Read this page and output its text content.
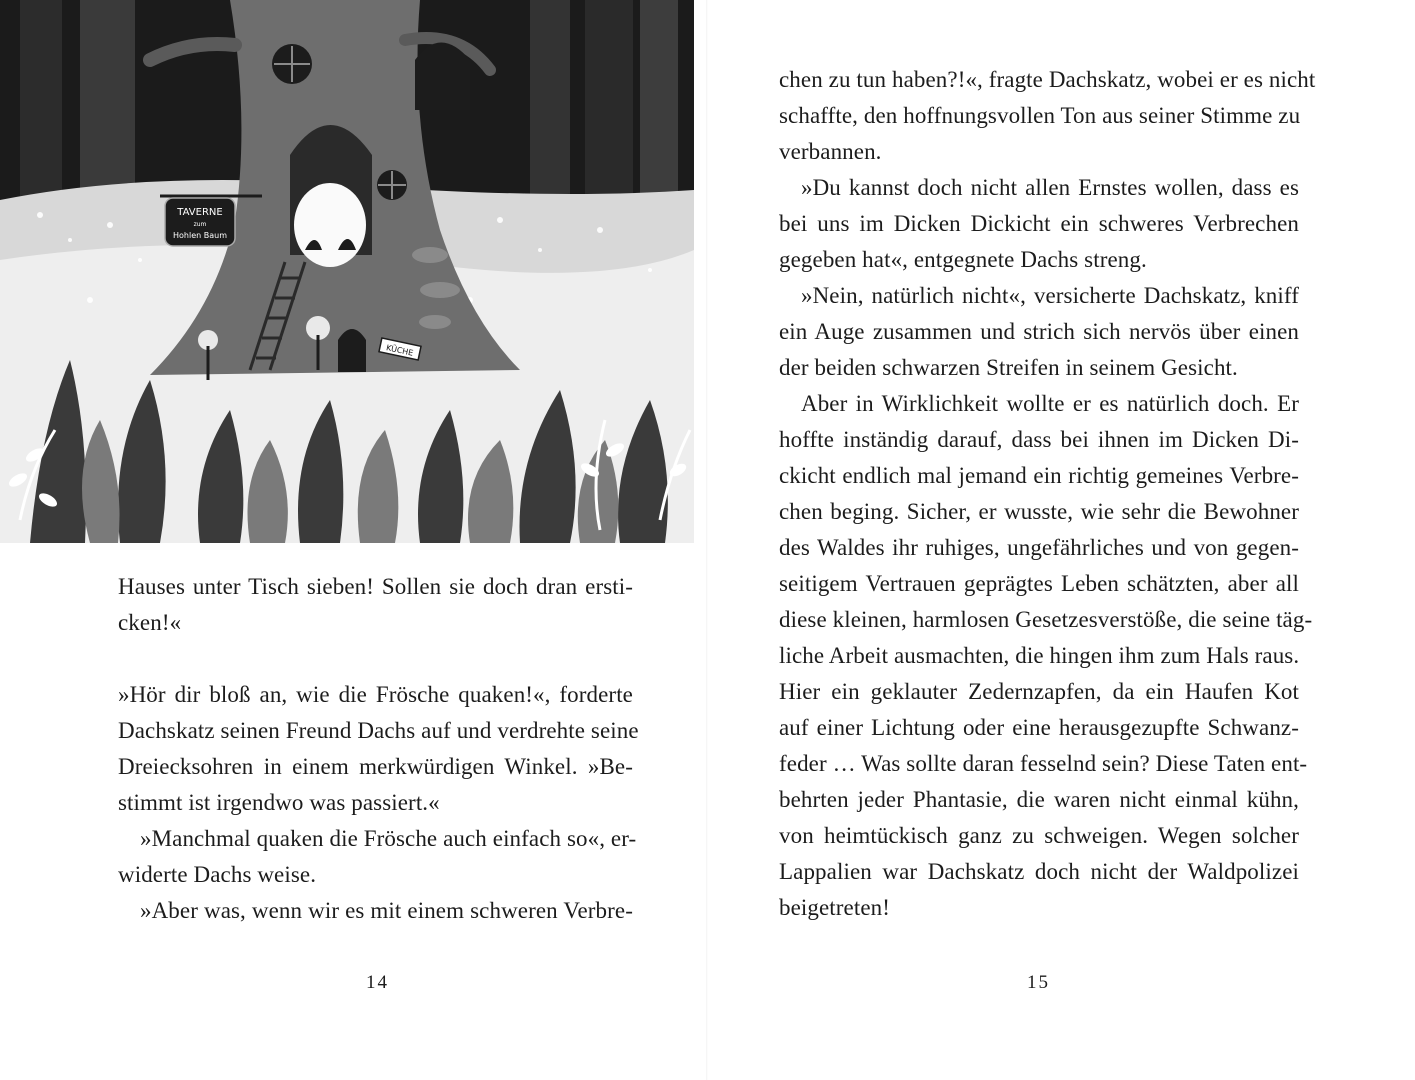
TAVERNE
zum
Hohlen Baum
KÜCHE
Hauses unter Tisch sieben! Sollen sie doch dran ersti-
cken!«
»Hör dir bloß an, wie die Frösche quaken!«, forderte
Dachskatz seinen Freund Dachs auf und verdrehte seine
Dreiecksohren in einem merkwürdigen Winkel. »Be-
stimmt ist irgendwo was passiert.«
»Manchmal quaken die Frösche auch einfach so«, er-
widerte Dachs weise.
»Aber was, wenn wir es mit einem schweren Verbre-
14
chen zu tun haben?!«, fragte Dachskatz, wobei er es nicht
schaffte, den hoffnungsvollen Ton aus seiner Stimme zu
verbannen.
»Du kannst doch nicht allen Ernstes wollen, dass es
bei uns im Dicken Dickicht ein schweres Verbrechen
gegeben hat«, entgegnete Dachs streng.
»Nein, natürlich nicht«, versicherte Dachskatz, kniff
ein Auge zusammen und strich sich nervös über einen
der beiden schwarzen Streifen in seinem Gesicht.
Aber in Wirklichkeit wollte er es natürlich doch. Er
hoffte inständig darauf, dass bei ihnen im Dicken Di-
ckicht endlich mal jemand ein richtig gemeines Verbre-
chen beging. Sicher, er wusste, wie sehr die Bewohner
des Waldes ihr ruhiges, ungefährliches und von gegen-
seitigem Vertrauen geprägtes Leben schätzten, aber all
diese kleinen, harmlosen Gesetzesverstöße, die seine täg-
liche Arbeit ausmachten, die hingen ihm zum Hals raus.
Hier ein geklauter Zedernzapfen, da ein Haufen Kot
auf einer Lichtung oder eine herausgezupfte Schwanz-
feder … Was sollte daran fesselnd sein? Diese Taten ent-
behrten jeder Phantasie, die waren nicht einmal kühn,
von heimtückisch ganz zu schweigen. Wegen solcher
Lappalien war Dachskatz doch nicht der Waldpolizei
beigetreten!
15
